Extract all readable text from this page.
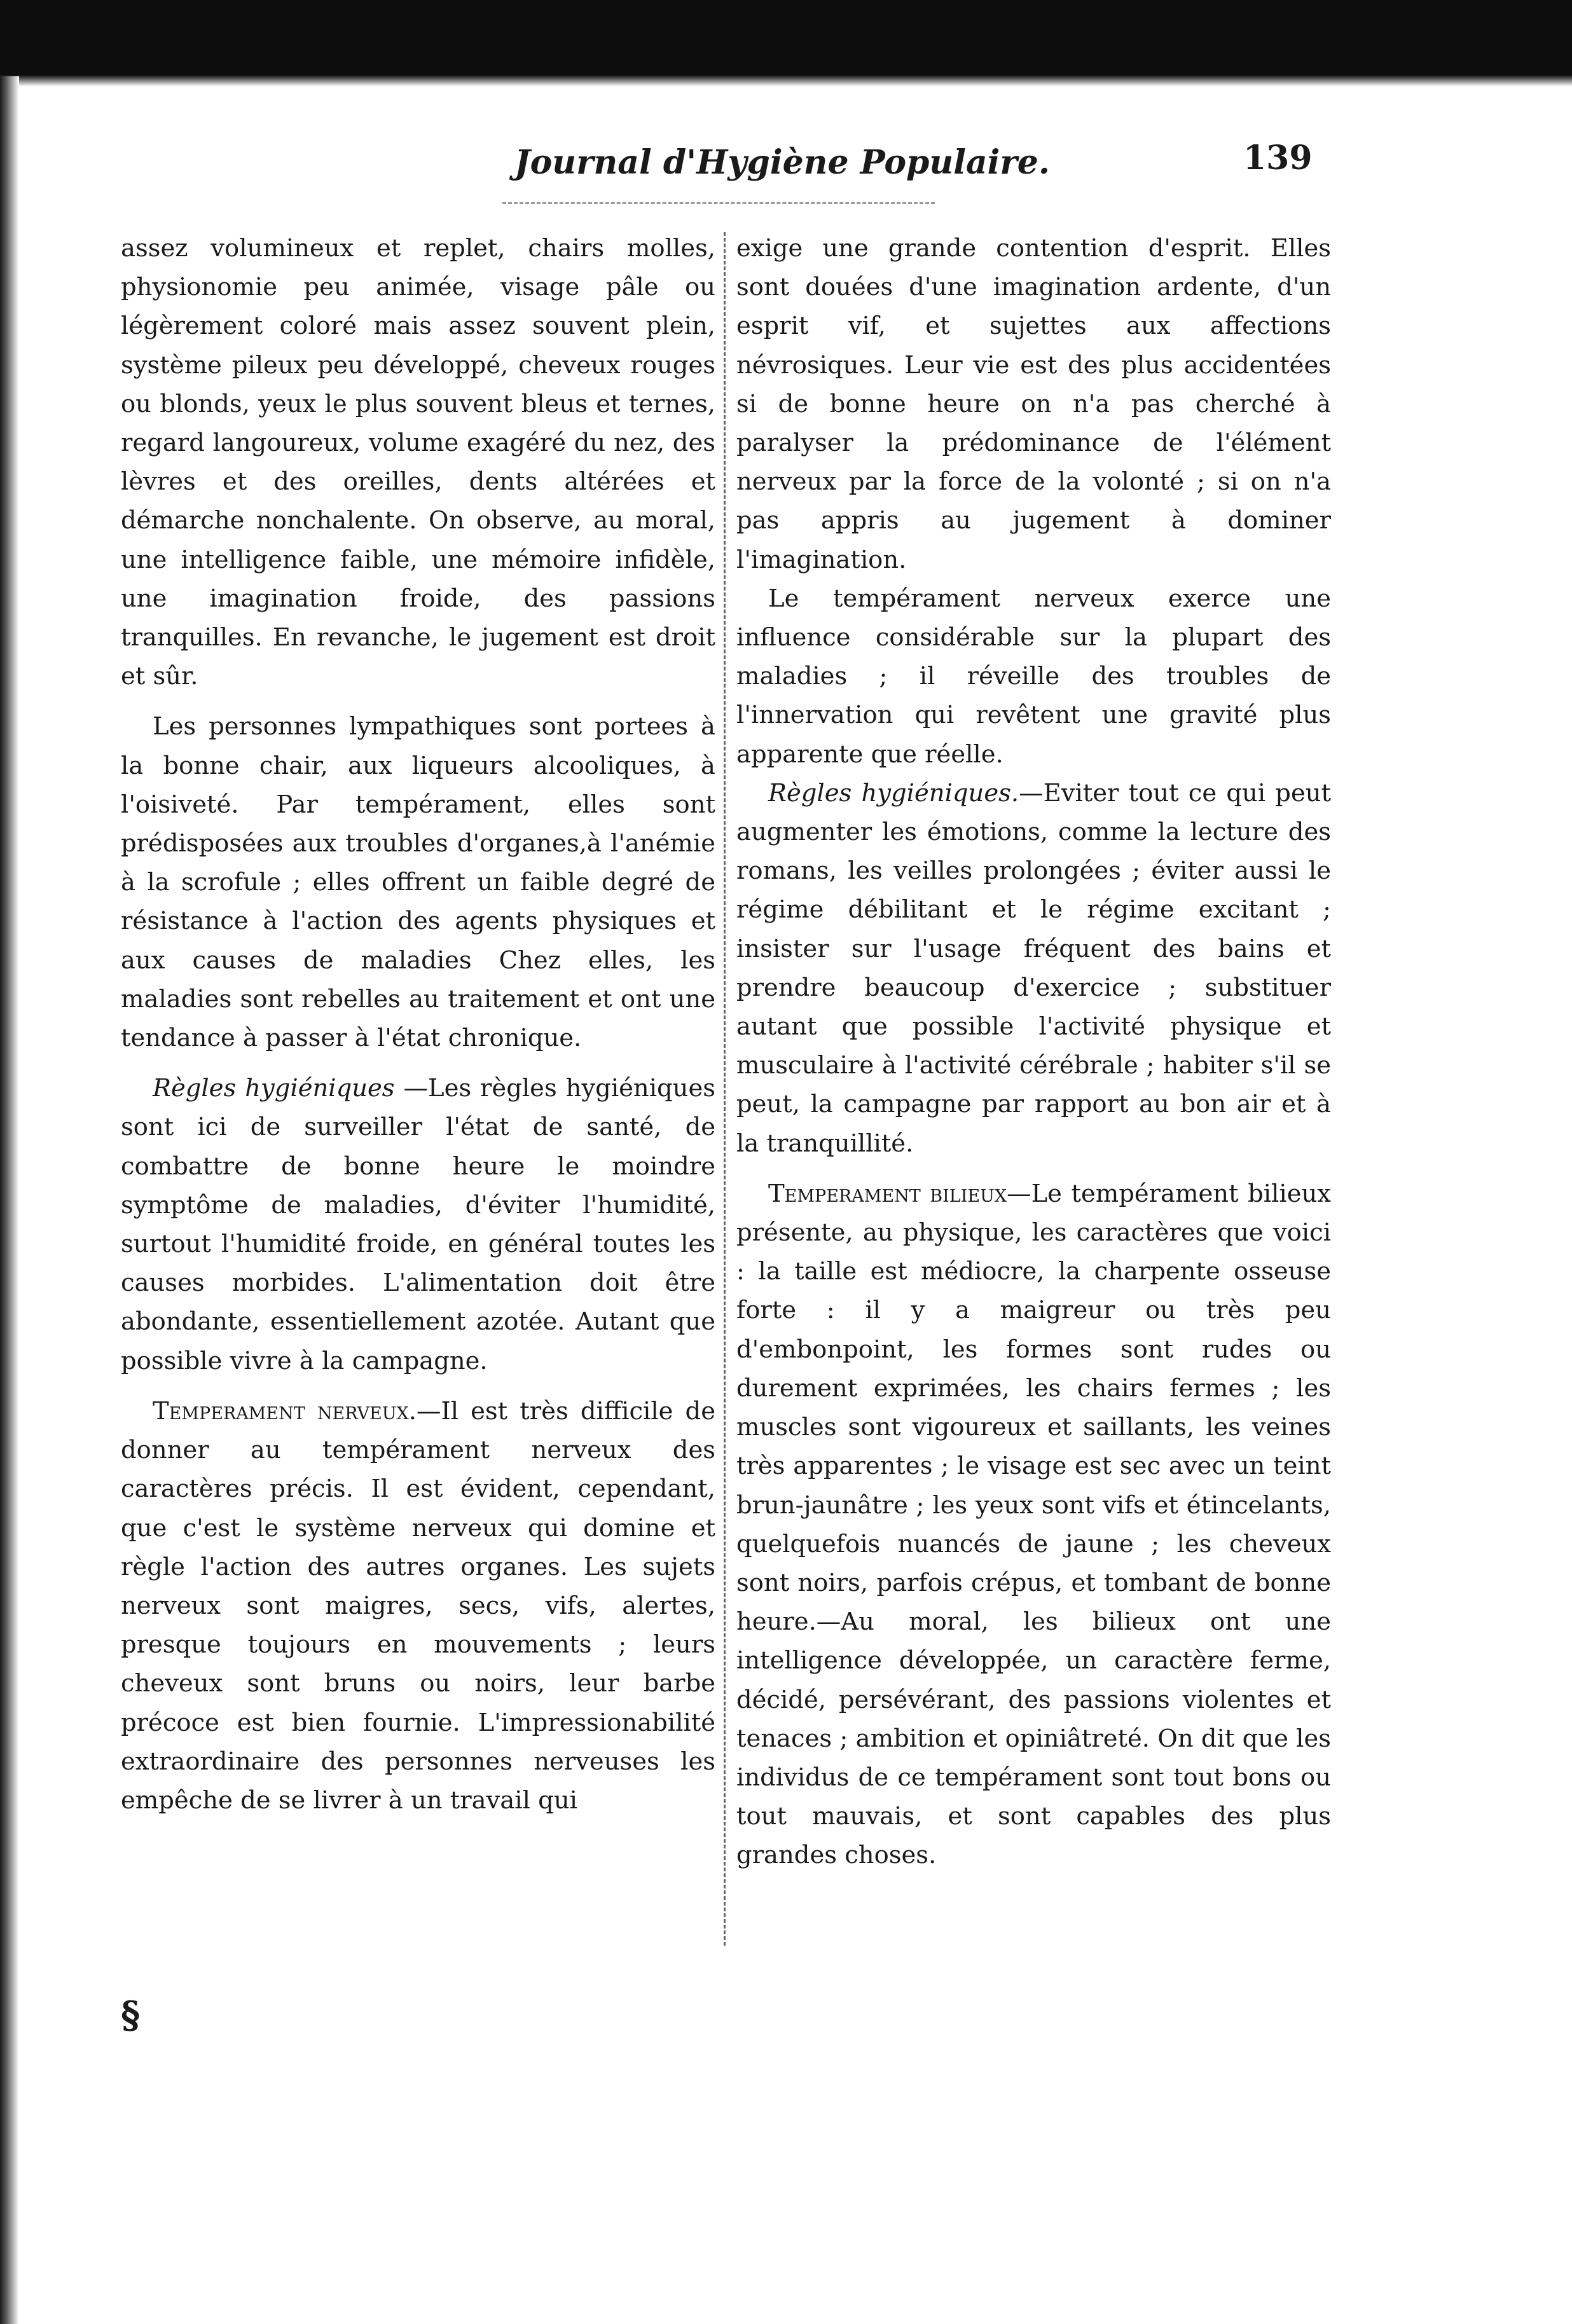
Journal d'Hygiène Populaire.	139

assez volumineux et replet, chairs molles, physionomie peu animée, visage pâle ou légèrement coloré mais assez souvent plein, système pileux peu développé, cheveux rouges ou blonds, yeux le plus souvent bleus et ternes, regard langoureux, volume exagéré du nez, des lèvres et des oreilles, dents altérées et démarche nonchalente. On observe, au moral, une intelligence faible, une mémoire infidèle, une imagination froide, des passions tranquilles. En revanche, le jugement est droit et sûr.

Les personnes lympathiques sont portees à la bonne chair, aux liqueurs alcooliques, à l'oisiveté. Par tempérament, elles sont prédisposées aux troubles d'organes,à l'anémie à la scrofule ; elles offrent un faible degré de résistance à l'action des agents physiques et aux causes de maladies Chez elles, les maladies sont rebelles au traitement et ont une tendance à passer à l'état chronique.

Règles hygiéniques —Les règles hygiéniques sont ici de surveiller l'état de santé, de combattre de bonne heure le moindre symptôme de maladies, d'éviter l'humidité, surtout l'humidité froide, en général toutes les causes morbides. L'alimentation doit être abondante, essentiellement azotée. Autant que possible vivre à la campagne.

Temperament nerveux.—Il est très difficile de donner au tempérament nerveux des caractères précis. Il est évident, cependant, que c'est le système nerveux qui domine et règle l'action des autres organes. Les sujets nerveux sont maigres, secs, vifs, alertes, presque toujours en mouvements ; leurs cheveux sont bruns ou noirs, leur barbe précoce est bien fournie. L'impressionabilité extraordinaire des personnes nerveuses les empêche de se livrer à un travail qui

exige une grande contention d'esprit. Elles sont douées d'une imagination ardente, d'un esprit vif, et sujettes aux affections névrosiques. Leur vie est des plus accidentées si de bonne heure on n'a pas cherché à paralyser la prédominance de l'élément nerveux par la force de la volonté ; si on n'a pas appris au jugement à dominer l'imagination.

Le tempérament nerveux exerce une influence considérable sur la plupart des maladies ; il réveille des troubles de l'innervation qui revêtent une gravité plus apparente que réelle.

Règles hygiéniques.—Eviter tout ce qui peut augmenter les émotions, comme la lecture des romans, les veilles prolongées ; éviter aussi le régime débilitant et le régime excitant ; insister sur l'usage fréquent des bains et prendre beaucoup d'exercice ; substituer autant que possible l'activité physique et musculaire à l'activité cérébrale ; habiter s'il se peut, la campagne par rapport au bon air et à la tranquillité.

Temperament bilieux—Le tempérament bilieux présente, au physique, les caractères que voici : la taille est médiocre, la charpente osseuse forte : il y a maigreur ou très peu d'embonpoint, les formes sont rudes ou durement exprimées, les chairs fermes ; les muscles sont vigoureux et saillants, les veines très apparentes ; le visage est sec avec un teint brun-jaunâtre ; les yeux sont vifs et étincelants, quelquefois nuancés de jaune ; les cheveux sont noirs, parfois crépus, et tombant de bonne heure.—Au moral, les bilieux ont une intelligence développée, un caractère ferme, décidé, persévérant, des passions violentes et tenaces ; ambition et opiniâtreté. On dit que les individus de ce tempérament sont tout bons ou tout mauvais, et sont capables des plus grandes choses.

§
